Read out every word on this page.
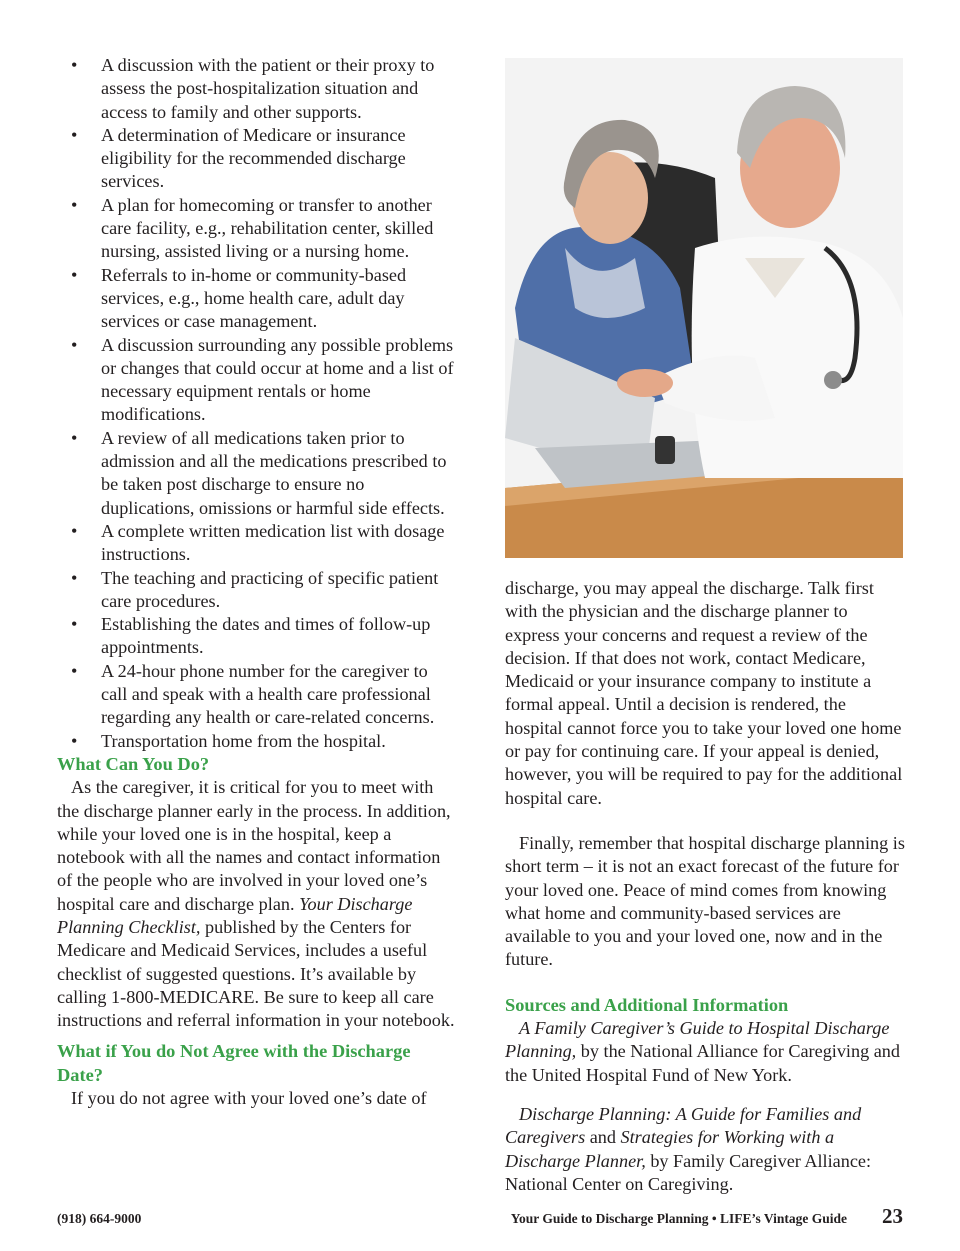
• A discussion with the patient or their proxy to assess the post-hospitalization situation and access to family and other supports.
• A determination of Medicare or insurance eligibility for the recommended discharge services.
• A plan for homecoming or transfer to another care facility, e.g., rehabilitation center, skilled nursing, assisted living or a nursing home.
• Referrals to in-home or community-based services, e.g., home health care, adult day services or case management.
• A discussion surrounding any possible problems or changes that could occur at home and a list of necessary equipment rentals or home modifications.
• A review of all medications taken prior to admission and all the medications prescribed to be taken post discharge to ensure no duplications, omissions or harmful side effects.
• A complete written medication list with dosage instructions.
• The teaching and practicing of specific patient care procedures.
• Establishing the dates and times of follow-up appointments.
• A 24-hour phone number for the caregiver to call and speak with a health care professional regarding any health or care-related concerns.
• Transportation home from the hospital.
What Can You Do?

As the caregiver, it is critical for you to meet with the discharge planner early in the process. In addition, while your loved one is in the hospital, keep a notebook with all the names and contact information of the people who are involved in your loved one’s hospital care and discharge plan. Your Discharge Planning Checklist, published by the Centers for Medicare and Medicaid Services, includes a useful checklist of suggested questions. It’s available by calling 1-800-MEDICARE. Be sure to keep all care instructions and referral information in your notebook.

What if You do Not Agree with the Discharge Date?

If you do not agree with your loved one’s date of

discharge, you may appeal the discharge. Talk first with the physician and the discharge planner to express your concerns and request a review of the decision. If that does not work, contact Medicare, Medicaid or your insurance company to institute a formal appeal. Until a decision is rendered, the hospital cannot force you to take your loved one home or pay for continuing care. If your appeal is denied, however, you will be required to pay for the additional hospital care.

Finally, remember that hospital discharge planning is short term – it is not an exact forecast of the future for your loved one. Peace of mind comes from knowing what home and community-based services are available to you and your loved one, now and in the future.

Sources and Additional Information

A Family Caregiver’s Guide to Hospital Discharge Planning, by the National Alliance for Caregiving and the United Hospital Fund of New York.

Discharge Planning: A Guide for Families and Caregivers and Strategies for Working with a Discharge Planner, by Family Caregiver Alliance: National Center on Caregiving.

(918) 664-9000	Your Guide to Discharge Planning • LIFE’s Vintage Guide 23
